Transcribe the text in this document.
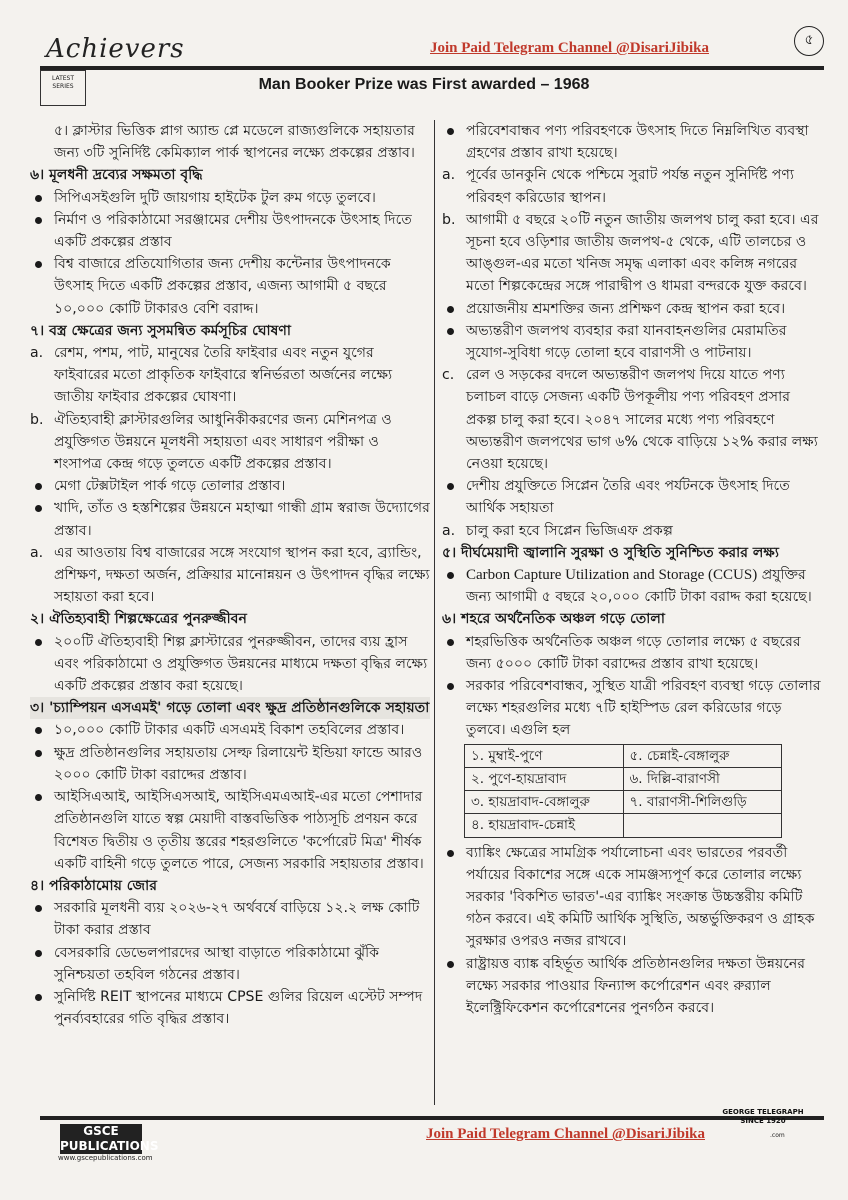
Achievers	Join Paid Telegram Channel @DisariJibika	৫
LATEST SERIES	Man Booker Prize was First awarded – 1968
৫। ক্লাস্টার ভিত্তিক প্লাগ অ্যান্ড প্লে মডেলে রাজ্যগুলিকে সহায়তার জন্য ৩টি সুনির্দিষ্ট কেমিক্যাল পার্ক স্থাপনের লক্ষ্যে প্রকল্পের প্রস্তাব।
৬। মূলধনী দ্রব্যের সক্ষমতা বৃদ্ধি
সিপিএসইগুলি দুটি জায়গায় হাইটেক টুল রুম গড়ে তুলবে।
নির্মাণ ও পরিকাঠামো সরঞ্জামের দেশীয় উৎপাদনকে উৎসাহ দিতে একটি প্রকল্পের প্রস্তাব
বিশ্ব বাজারে প্রতিযোগিতার জন্য দেশীয় কন্টেনার উৎপাদনকে উৎসাহ দিতে একটি প্রকল্পের প্রস্তাব, এজন্য আগামী ৫ বছরে ১০,০০০ কোটি টাকারও বেশি বরাদ্দ।
৭। বস্ত্র ক্ষেত্রের জন্য সুসমন্বিত কর্মসূচির ঘোষণা
a. রেশম, পশম, পাট, মানুষের তৈরি ফাইবার এবং নতুন যুগের ফাইবারের মতো প্রাকৃতিক ফাইবারে স্বনির্ভরতা অর্জনের লক্ষ্যে জাতীয় ফাইবার প্রকল্পের ঘোষণা।
b. ঐতিহ্যবাহী ক্লাস্টারগুলির আধুনিকীকরণের জন্য মেশিনপত্র ও প্রযুক্তিগত উন্নয়নে মূলধনী সহায়তা এবং সাধারণ পরীক্ষা ও শংসাপত্র কেন্দ্র গড়ে তুলতে একটি প্রকল্পের প্রস্তাব।
মেগা টেক্সটাইল পার্ক গড়ে তোলার প্রস্তাব।
খাদি, তাঁত ও হস্তশিল্পের উন্নয়নে মহাত্মা গান্ধী গ্রাম স্বরাজ উদ্যোগের প্রস্তাব।
a. এর আওতায় বিশ্ব বাজারের সঙ্গে সংযোগ স্থাপন করা হবে, ব্র্যান্ডিং, প্রশিক্ষণ, দক্ষতা অর্জন, প্রক্রিয়ার মানোন্নয়ন ও উৎপাদন বৃদ্ধির লক্ষ্যে সহায়তা করা হবে।
২। ঐতিহ্যবাহী শিল্পক্ষেত্রের পুনরুজ্জীবন
২০০টি ঐতিহ্যবাহী শিল্প ক্লাস্টারের পুনরুজ্জীবন, তাদের ব্যয় হ্রাস এবং পরিকাঠামো ও প্রযুক্তিগত উন্নয়নের মাধ্যমে দক্ষতা বৃদ্ধির লক্ষ্যে একটি প্রকল্পের প্রস্তাব করা হয়েছে।
৩। 'চ্যাম্পিয়ন এসএমই' গড়ে তোলা এবং ক্ষুদ্র প্রতিষ্ঠানগুলিকে সহায়তা
১০,০০০ কোটি টাকার একটি এসএমই বিকাশ তহবিলের প্রস্তাব।
ক্ষুদ্র প্রতিষ্ঠানগুলির সহায়তায় সেল্ফ রিলায়েন্ট ইন্ডিয়া ফান্ডে আরও ২০০০ কোটি টাকা বরাদ্দের প্রস্তাব।
আইসিএআই, আইসিএসআই, আইসিএমএআই-এর মতো পেশাদার প্রতিষ্ঠানগুলি যাতে স্বল্প মেয়াদী বাস্তবভিত্তিক পাঠ্যসূচি প্রণয়ন করে বিশেষত দ্বিতীয় ও তৃতীয় স্তরের শহরগুলিতে 'কর্পোরেট মিত্র' শীর্ষক একটি বাহিনী গড়ে তুলতে পারে, সেজন্য সরকারি সহায়তার প্রস্তাব।
৪। পরিকাঠামোয় জোর
সরকারি মূলধনী ব্যয় ২০২৬-২৭ অর্থবর্ষে বাড়িয়ে ১২.২ লক্ষ কোটি টাকা করার প্রস্তাব
বেসরকারি ডেভেলপারদের আস্থা বাড়াতে পরিকাঠামো ঝুঁকি সুনিশ্চয়তা তহবিল গঠনের প্রস্তাব।
সুনির্দিষ্ট REIT স্থাপনের মাধ্যমে CPSE গুলির রিয়েল এস্টেট সম্পদ পুনর্ব্যবহারের গতি বৃদ্ধির প্রস্তাব।
পরিবেশবান্ধব পণ্য পরিবহণকে উৎসাহ দিতে নিম্নলিখিত ব্যবস্থা গ্রহণের প্রস্তাব রাখা হয়েছে।
a. পূর্বের ডানকুনি থেকে পশ্চিমে সুরাট পর্যন্ত নতুন সুনির্দিষ্ট পণ্য পরিবহণ করিডোর স্থাপন।
b. আগামী ৫ বছরে ২০টি নতুন জাতীয় জলপথ চালু করা হবে। এর সূচনা হবে ওড়িশার জাতীয় জলপথ-৫ থেকে, এটি তালচের ও আঙ্গুল-এর মতো খনিজ সমৃদ্ধ এলাকা এবং কলিঙ্গ নগরের মতো শিল্পকেন্দ্রের সঙ্গে পারাদ্বীপ ও ধামরা বন্দরকে যুক্ত করবে।
প্রয়োজনীয় শ্রমশক্তির জন্য প্রশিক্ষণ কেন্দ্র স্থাপন করা হবে।
অভ্যন্তরীণ জলপথ ব্যবহার করা যানবাহনগুলির মেরামতির সুযোগ-সুবিধা গড়ে তোলা হবে বারাণসী ও পাটনায়।
c. রেল ও সড়কের বদলে অভ্যন্তরীণ জলপথ দিয়ে যাতে পণ্য চলাচল বাড়ে সেজন্য একটি উপকূলীয় পণ্য পরিবহণ প্রসার প্রকল্প চালু করা হবে। ২০৪৭ সালের মধ্যে পণ্য পরিবহণে অভ্যন্তরীণ জলপথের ভাগ ৬% থেকে বাড়িয়ে ১২% করার লক্ষ্য নেওয়া হয়েছে।
দেশীয় প্রযুক্তিতে সিপ্লেন তৈরি এবং পর্যটনকে উৎসাহ দিতে আর্থিক সহায়তা
a. চালু করা হবে সিপ্লেন ভিজিএফ প্রকল্প
৫। দীর্ঘমেয়াদী জ্বালানি সুরক্ষা ও সুস্থিতি সুনিশ্চিত করার লক্ষ্য
Carbon Capture Utilization and Storage (CCUS) প্রযুক্তির জন্য আগামী ৫ বছরে ২০,০০০ কোটি টাকা বরাদ্দ করা হয়েছে।
৬। শহরে অর্থনৈতিক অঞ্চল গড়ে তোলা
শহরভিত্তিক অর্থনৈতিক অঞ্চল গড়ে তোলার লক্ষ্যে ৫ বছরের জন্য ৫০০০ কোটি টাকা বরাদ্দের প্রস্তাব রাখা হয়েছে।
সরকার পরিবেশবান্ধব, সুস্থিত যাত্রী পরিবহণ ব্যবস্থা গড়ে তোলার লক্ষ্যে শহরগুলির মধ্যে ৭টি হাইস্পিড রেল করিডোর গড়ে তুলবে। এগুলি হল
১. মুম্বাই-পুণে	৫. চেন্নাই-বেঙ্গালুরু
২. পুণে-হায়দ্রাবাদ	৬. দিল্লি-বারাণসী
৩. হায়দ্রাবাদ-বেঙ্গালুরু	৭. বারাণসী-শিলিগুড়ি
৪. হায়দ্রাবাদ-চেন্নাই	
ব্যাঙ্কিং ক্ষেত্রের সামগ্রিক পর্যালোচনা এবং ভারতের পরবর্তী পর্যায়ের বিকাশের সঙ্গে একে সামঞ্জস্যপূর্ণ করে তোলার লক্ষ্যে সরকার 'বিকশিত ভারত'-এর ব্যাঙ্কিং সংক্রান্ত উচ্চস্তরীয় কমিটি গঠন করবে। এই কমিটি আর্থিক সুস্থিতি, অন্তর্ভুক্তিকরণ ও গ্রাহক সুরক্ষার ওপরও নজর রাখবে।
রাষ্ট্রায়ত্ত ব্যাঙ্ক বহির্ভূত আর্থিক প্রতিষ্ঠানগুলির দক্ষতা উন্নয়নের লক্ষ্যে সরকার পাওয়ার ফিন্যান্স কর্পোরেশন এবং রুর‍্যাল ইলেক্ট্রিফিকেশন কর্পোরেশনের পুনর্গঠন করবে।
GSCE PUBLICATIONS
www.gscepublications.com
Join Paid Telegram Channel @DisariJibika
GEORGE TELEGRAPH
SINCE 1920
.com
